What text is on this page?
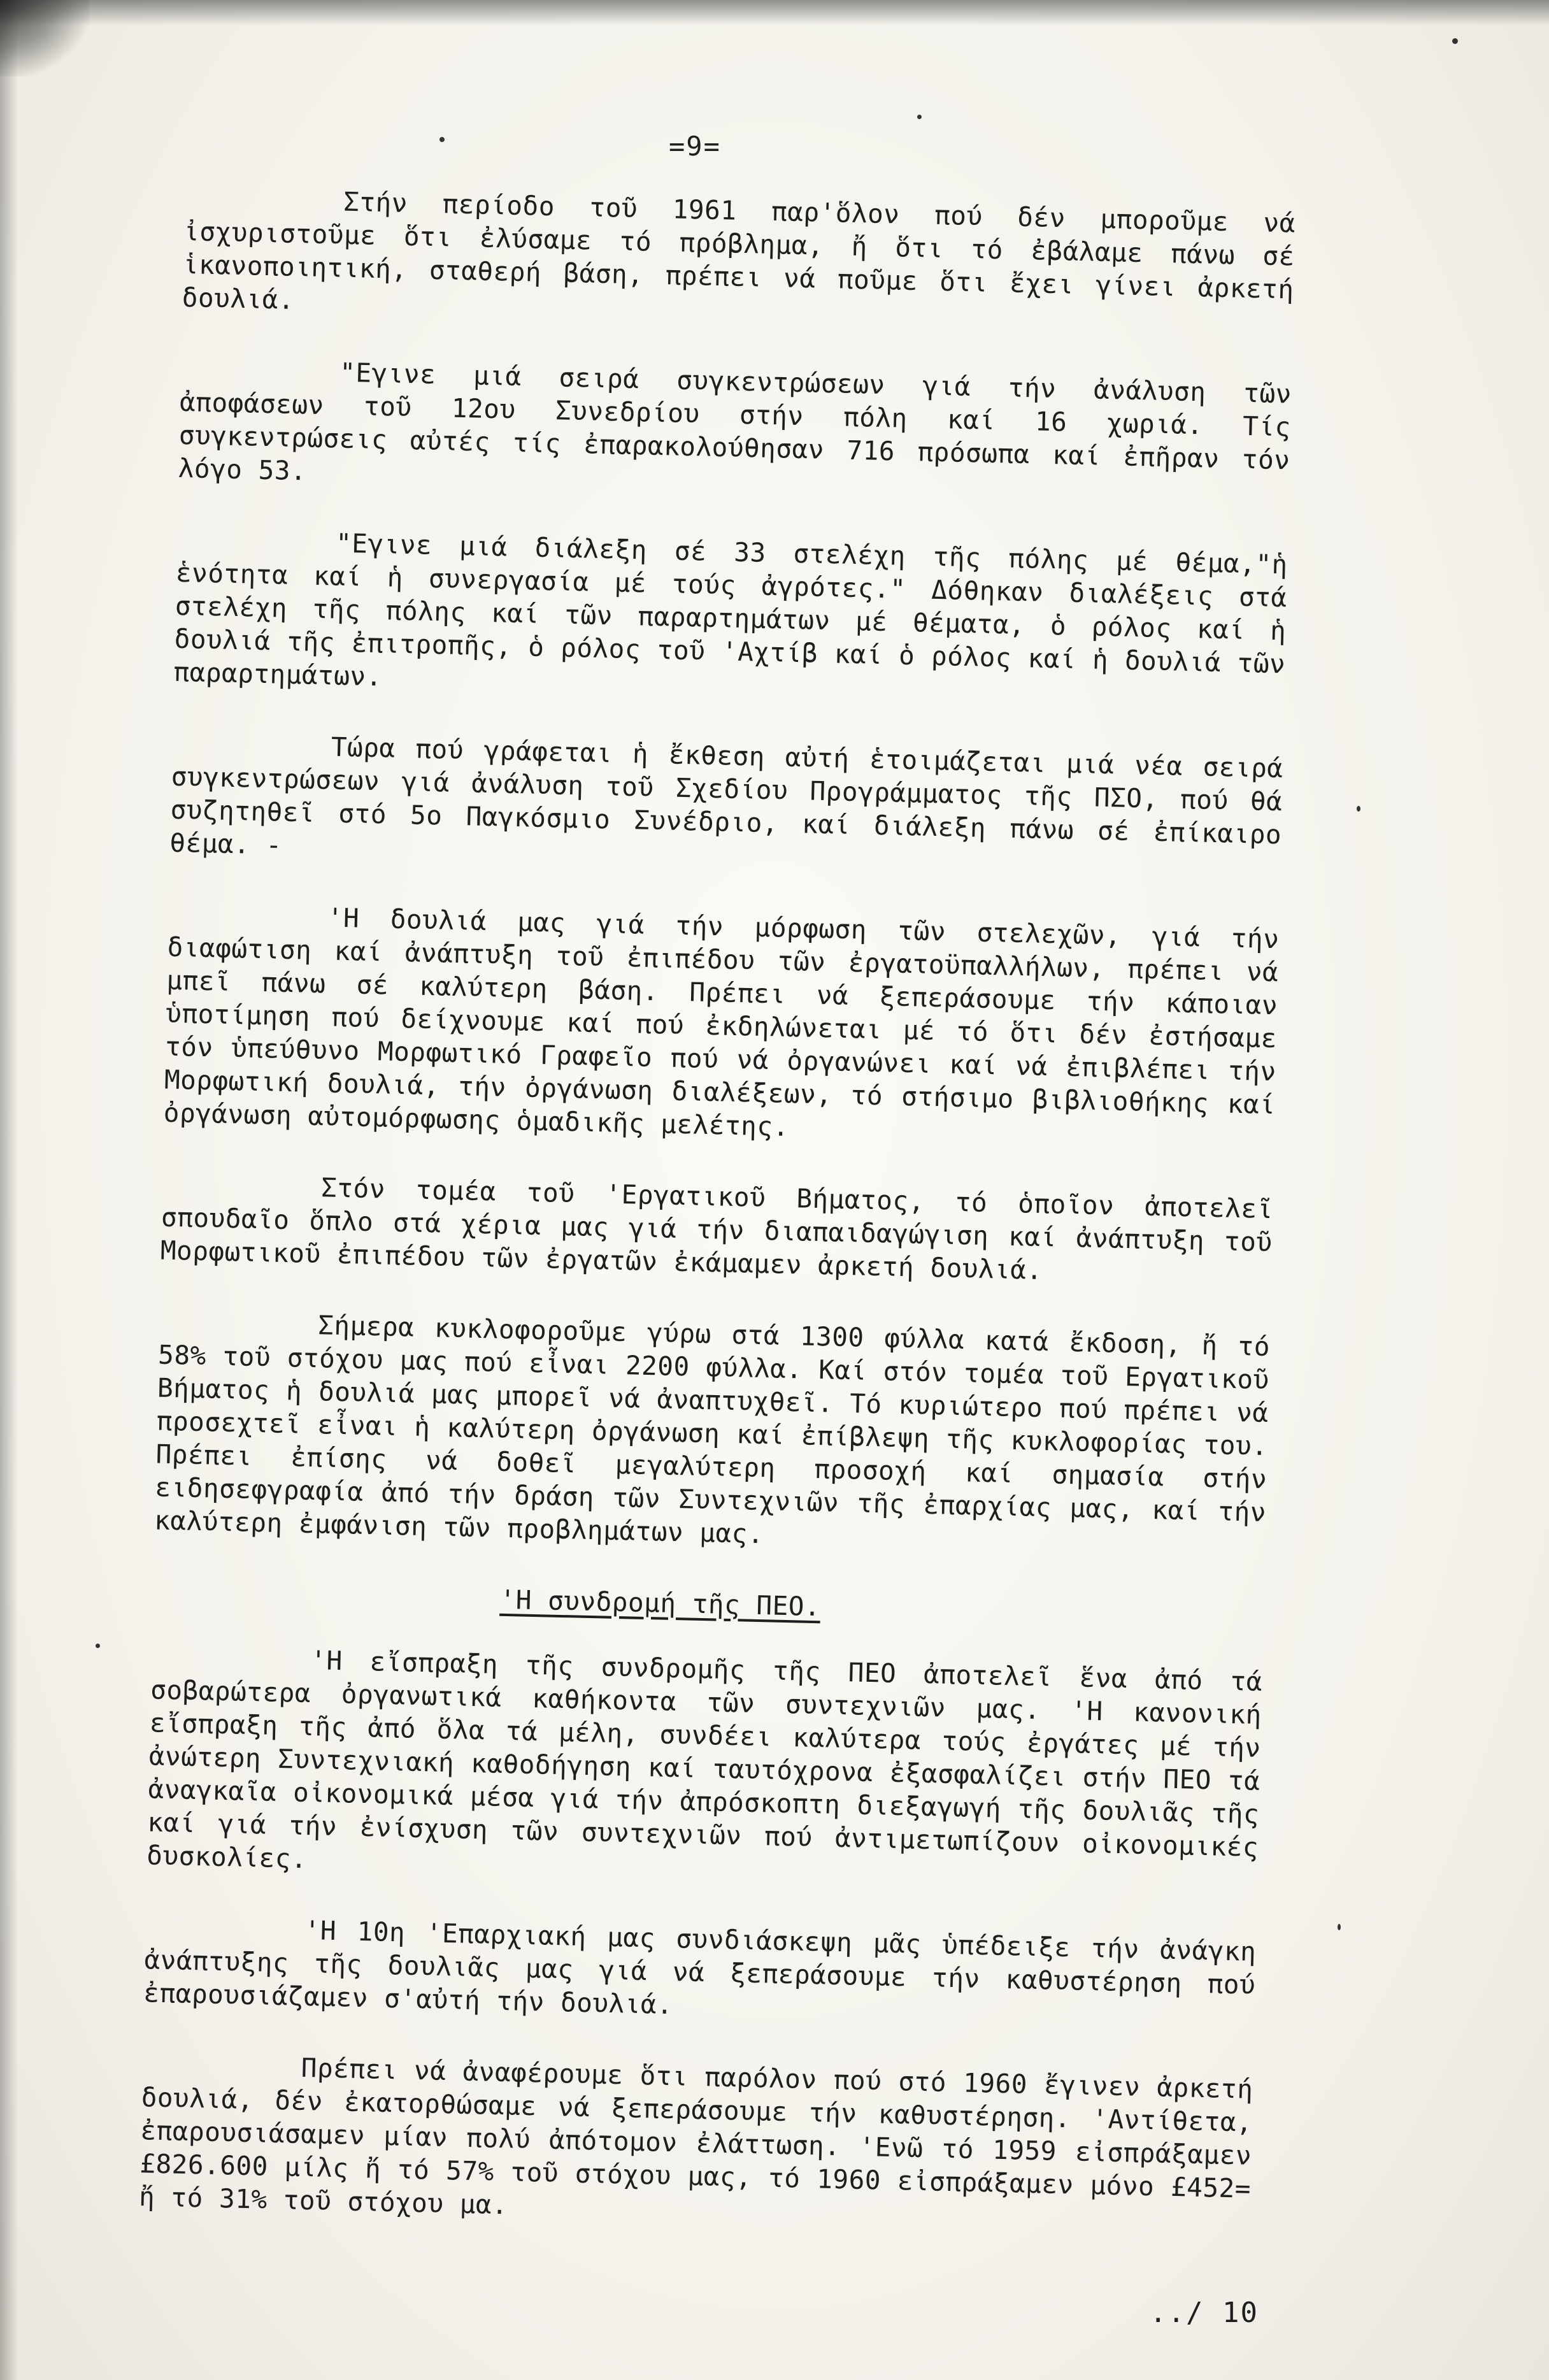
=9=

Στήν περίοδο τοῦ 1961 παρ'ὅλον πού δέν μποροῦμε νά ἰσχυριστοῦμε ὅτι ἐλύσαμε τό πρόβλημα, ἤ ὅτι τό ἐβάλαμε πάνω σέ ἱκανοποιητική, σταθερή βάση, πρέπει νά ποῦμε ὅτι ἔχει γίνει ἀρκετή δουλιά.

"Εγινε μιά σειρά συγκεντρώσεων γιά τήν ἀνάλυση τῶν ἀποφάσεων τοῦ 12ου Συνεδρίου στήν πόλη καί 16 χωριά. Τίς συγκεντρώσεις αὐτές τίς ἐπαρακολούθησαν 716 πρόσωπα καί ἐπῆραν τόν λόγο 53.

"Εγινε μιά διάλεξη σέ 33 στελέχη τῆς πόλης μέ θέμα,"ἡ ἑνότητα καί ἡ συνεργασία μέ τούς ἀγρότες." Δόθηκαν διαλέξεις στά στελέχη τῆς πόλης καί τῶν παραρτημάτων μέ θέματα, ὁ ρόλος καί ἡ δουλιά τῆς ἐπιτροπῆς, ὁ ρόλος τοῦ 'Αχτίβ καί ὁ ρόλος καί ἡ δουλιά τῶν παραρτημάτων.

Τώρα πού γράφεται ἡ ἔκθεση αὐτή ἑτοιμάζεται μιά νέα σειρά συγκεντρώσεων γιά ἀνάλυση τοῦ Σχεδίου Προγράμματος τῆς ΠΣΟ, πού θά συζητηθεῖ στό 5ο Παγκόσμιο Συνέδριο, καί διάλεξη πάνω σέ ἐπίκαιρο θέμα. -

'Η δουλιά μας γιά τήν μόρφωση τῶν στελεχῶν, γιά τήν διαφώτιση καί ἀνάπτυξη τοῦ ἐπιπέδου τῶν ἐργατοϋπαλλήλων, πρέπει νά μπεῖ πάνω σέ καλύτερη βάση. Πρέπει νά ξεπεράσουμε τήν κάποιαν ὑποτίμηση πού δείχνουμε καί πού ἐκδηλώνεται μέ τό ὅτι δέν ἐστήσαμε τόν ὑπεύθυνο Μορφωτικό Γραφεῖο πού νά ὀργανώνει καί νά ἐπιβλέπει τήν Μορφωτική δουλιά, τήν ὀργάνωση διαλέξεων, τό στήσιμο βιβλιοθήκης καί ὀργάνωση αὐτομόρφωσης ὁμαδικῆς μελέτης.

Στόν τομέα τοῦ 'Εργατικοῦ Βήματος, τό ὁποῖον ἀποτελεῖ σπουδαῖο ὅπλο στά χέρια μας γιά τήν διαπαιδαγώγιση καί ἀνάπτυξη τοῦ Μορφωτικοῦ ἐπιπέδου τῶν ἐργατῶν ἐκάμαμεν ἀρκετή δουλιά.

Σήμερα κυκλοφοροῦμε γύρω στά 1300 φύλλα κατά ἔκδοση, ἤ τό 58% τοῦ στόχου μας πού εἶναι 2200 φύλλα. Καί στόν τομέα τοῦ Εργατικοῦ Βήματος ἡ δουλιά μας μπορεῖ νά ἀναπτυχθεῖ. Τό κυριώτερο πού πρέπει νά προσεχτεῖ εἶναι ἡ καλύτερη ὀργάνωση καί ἐπίβλεψη τῆς κυκλοφορίας του. Πρέπει ἐπίσης νά δοθεῖ μεγαλύτερη προσοχή καί σημασία στήν ειδησεφγραφία ἀπό τήν δράση τῶν Συντεχνιῶν τῆς ἐπαρχίας μας, καί τήν καλύτερη ἐμφάνιση τῶν προβλημάτων μας.

'Η συνδρομή τῆς ΠΕΟ.

'Η εἴσπραξη τῆς συνδρομῆς τῆς ΠΕΟ ἀποτελεῖ ἕνα ἀπό τά σοβαρώτερα ὀργανωτικά καθήκοντα τῶν συντεχνιῶν μας. 'Η κανονική εἴσπραξη τῆς ἀπό ὅλα τά μέλη, συνδέει καλύτερα τούς ἐργάτες μέ τήν ἀνώτερη Συντεχνιακή καθοδήγηση καί ταυτόχρονα ἐξασφαλίζει στήν ΠΕΟ τά ἀναγκαῖα οἰκονομικά μέσα γιά τήν ἀπρόσκοπτη διεξαγωγή τῆς δουλιᾶς τῆς καί γιά τήν ἐνίσχυση τῶν συντεχνιῶν πού ἀντιμετωπίζουν οἰκονομικές δυσκολίες.

'Η 10η 'Επαρχιακή μας συνδιάσκεψη μᾶς ὑπέδειξε τήν ἀνάγκη ἀνάπτυξης τῆς δουλιᾶς μας γιά νά ξεπεράσουμε τήν καθυστέρηση πού ἐπαρουσιάζαμεν σ'αὐτή τήν δουλιά.

Πρέπει νά ἀναφέρουμε ὅτι παρόλον πού στό 1960 ἔγινεν ἀρκετή δουλιά, δέν ἐκατορθώσαμε νά ξεπεράσουμε τήν καθυστέρηση. 'Αντίθετα, ἐπαρουσιάσαμεν μίαν πολύ ἀπότομον ἐλάττωση. 'Ενῶ τό 1959 εἰσπράξαμεν £826.600 μίλς ἤ τό 57% τοῦ στόχου μας, τό 1960 εἰσπράξαμεν μόνο £452= ἤ τό 31% τοῦ στόχου μα.

../ 10
